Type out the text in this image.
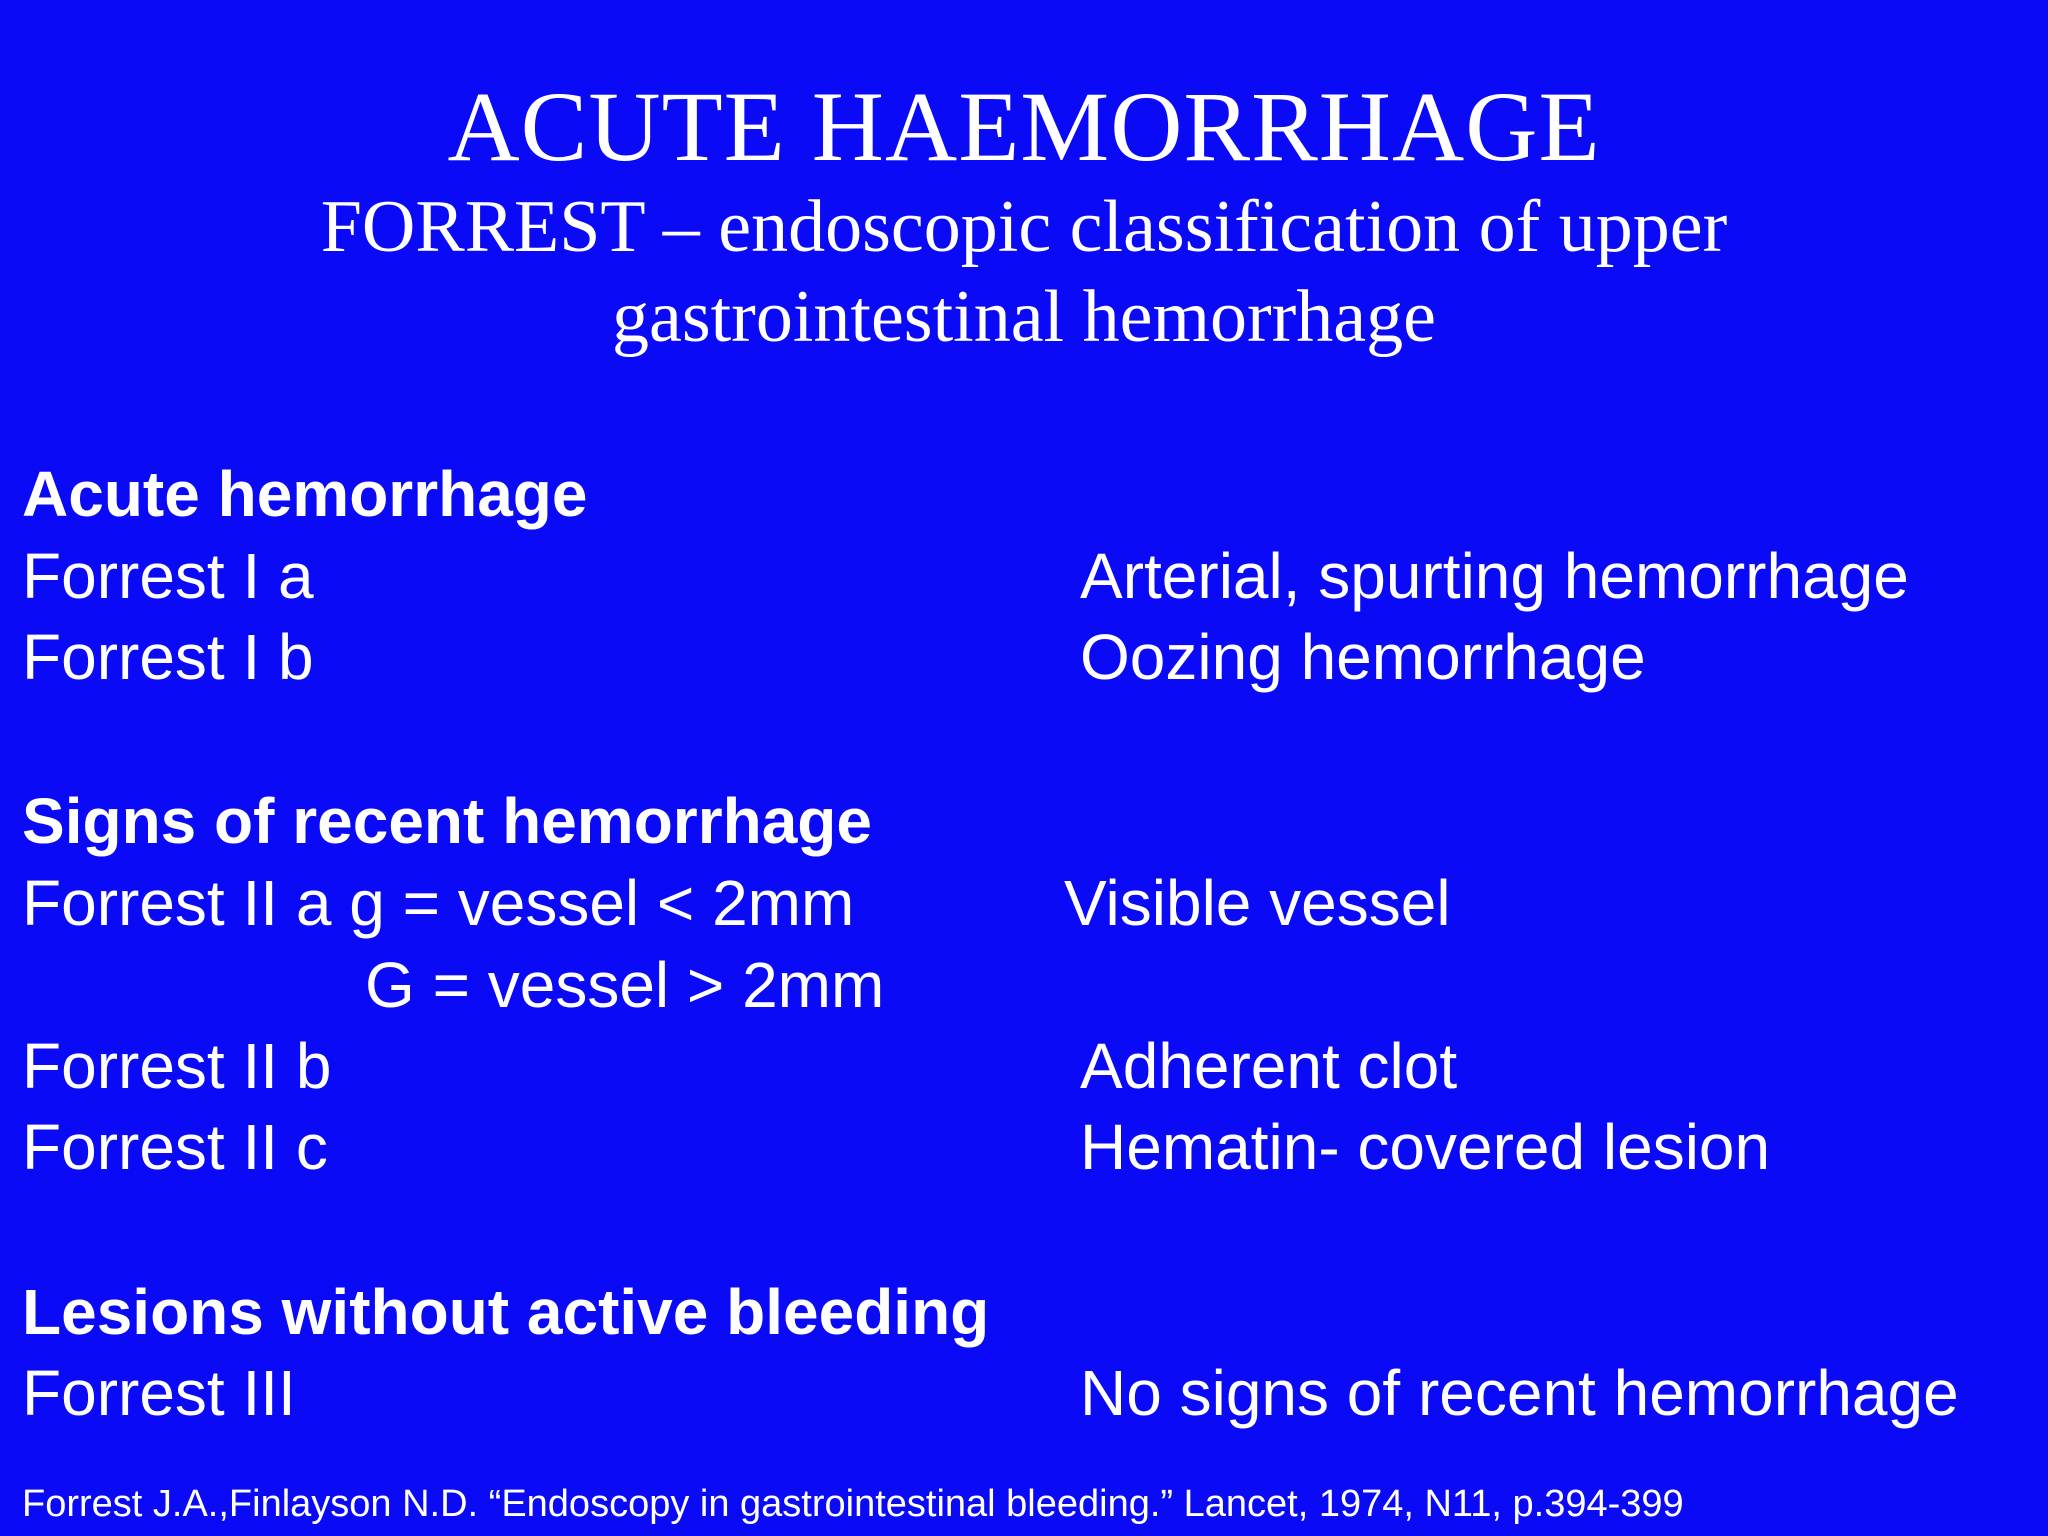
ACUTE HAEMORRHAGE
FORREST – endoscopic classification of upper
gastrointestinal hemorrhage
Acute hemorrhage
Forrest I a	Arterial, spurting hemorrhage
Forrest I b	Oozing hemorrhage
Signs of recent hemorrhage
Forrest II a g = vessel < 2mm	Visible vessel
G = vessel > 2mm
Forrest II b	Adherent clot
Forrest II c	Hematin- covered lesion
Lesions without active bleeding
Forrest III	No signs of recent hemorrhage
Forrest J.A.,Finlayson N.D. “Endoscopy in gastrointestinal bleeding.” Lancet, 1974, N11, p.394-399
